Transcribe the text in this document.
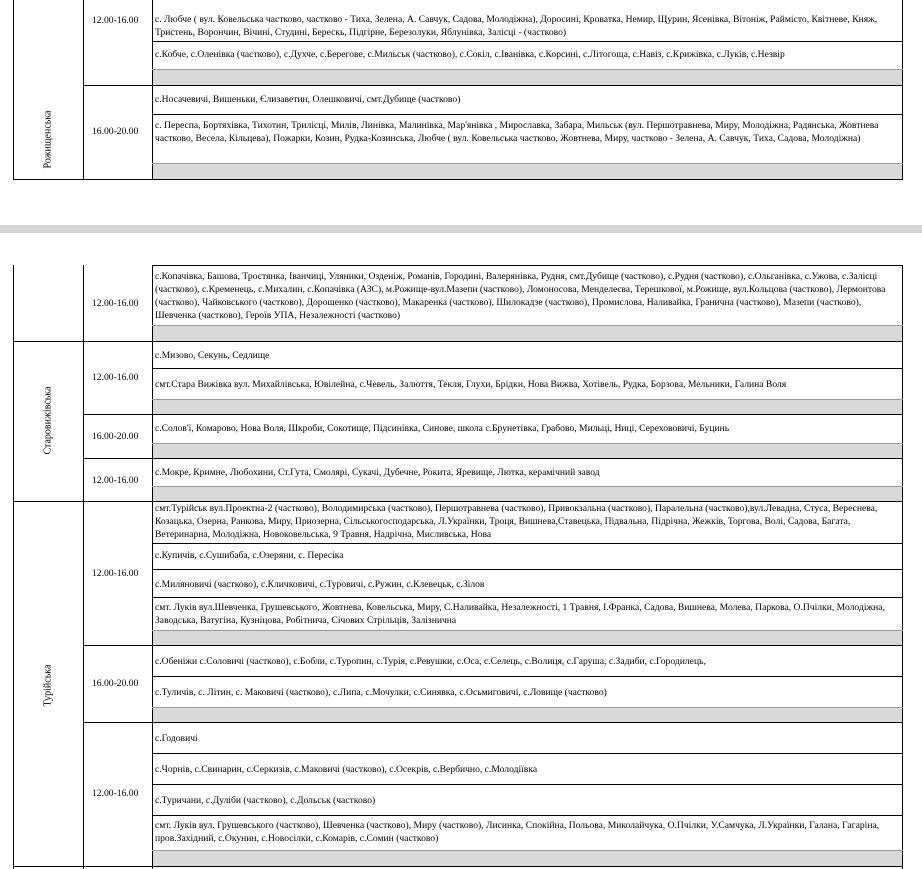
Рожищенська
12.00-16.00
16.00-20.00
с. Любче ( вул. Ковельська частково, частково - Тиха, Зелена, А. Савчук, Садова, Молодіжна), Доросині, Кроватка, Немир, Щурин, Ясенівка, Вітоніж, Раймісто, Квітневе, Княж, Тристень, Ворончин, Вічині, Студині, Берескь, Підгірне, Березолуки, Яблунівка, Залісці - (частково)
с.Кобче, с.Оленівка (частково), с.Духче, с.Берегове, с.Мильськ (частково), с.Сокіл, с.Іванівка, с.Корсині, с.Літогоща, с.Навіз, с.Крижівка, с.Луків, с.Незвір
с.Носачевичі, Вишеньки, Єлизаветин, Олешковичі, смт.Дубище (частково)
с. Переспа, Бортяхівка, Тихотин, Трилісці, Милів, Линівка, Малинівка, Мар'янівка , Мирославка, Забара, Мильськ (вул. Першотравнева, Миру, Молодіжна, Радянська, Жовтнева частково, Весела, Кільцева), Пожарки, Козин, Рудка-Козинська, Любче ( вул. Ковельська частково, Жовтнева, Миру, частково - Зелена, А. Савчук, Тиха, Садова, Молодіжна)
12.00-16.00
с.Копачівка, Башова, Тростянка, Іванчиці, Уляники, Озденіж, Романів, Городині, Валерянівка, Рудня, смт.Дубище (частково), с.Рудня (частково), с.Ольганівка, с.Ужова, с.Залісці (частково), с.Кременець, с.Михалин, с.Копачівка (АЗС), м.Рожище-вул.Мазепи (частково), Ломоносова, Менделеєва, Терешкової, м.Рожище, вул.Кольцова (частково), Лермонтова (частково), Чайковського (частково), Дорошенко (частково), Макаренка (частково), Шилокадзе (частково), Промислова, Наливайка, Гранична (частково), Мазепи (частково), Шевченка (частково), Героїв УПА, Незалежності (частково)
Старовижівська
12.00-16.00
с.Мизово, Секунь, Седлище
смт.Стара Вижівка вул. Михайлівська, Ювілейна, с.Чевель, Залюття, Текля, Глухи, Брідки, Нова Вижва, Хотівель, Рудка, Борзова, Мельники, Галина Воля
16.00-20.00
с.Солов'ї, Комарово, Нова Воля, Шкроби, Сокотище, Підсинівка, Синове, школа с.Брунетівка, Грабово, Мильці, Ниці, Серехововичі, Буцинь
12.00-16.00
с.Мокре, Кримне, Любохини, Ст.Гута, Смолярі, Сукачі, Дубечне, Рокита, Яревище, Лютка, керамічний завод
Турійська
12.00-16.00
смт.Турійськ вул.Проектна-2 (частково), Володимирська (частково), Першотравнева (частково), Привокзальна (частково), Паралельна (частково),вул.Левадна, Стуса, Вереснева, Козацька, Озерна, Ранкова, Миру, Приозерна, Сільськогосподарська, Л.Українки, Троця, Вишнева,Ставецька, Підвальна, Підрічна, Жежків, Торгова, Волі, Садова, Багата, Ветеринарна, Молодіжна, Новоковельська, 9 Травня, Надрічна, Мисливська, Нова
с.Купичів, с.Сушибаба, с.Озеряни, с. Пересіка
с.Миляновичі (частково), с.Кличковичі, с.Туровичі, с.Ружин, с.Клевецьк, с.Зілов
смт. Луків вул.Шевченка, Грушевського, Жовтнева, Ковельська, Миру, С.Наливайка, Незалежності, 1 Травня, І.Франка, Садова, Вишнева, Молева, Паркова, О.Пчілки, Молодіжна, Заводська, Ватугіна, Кузніцова, Робітнича, Січових Стрільців, Залізнична
16.00-20.00
с.Обеніжи с.Соловичі (частково), с.Бобли, с.Туропин, с.Турія, с.Ревушки, с.Оса, с.Селець, с.Волиця, с.Гаруша, с.Задиби, с.Городилець,
с.Туличів, с. Літин, с. Маковичі (частково), с.Липа, с.Мочулки, с.Синявка, с.Осьмиговичі, с.Ловище (частково)
12.00-16.00
с.Годовичі
с.Чорнів, с.Свинарин, с.Серкизів, с.Маковичі (частково), с.Осекрів, с.Вербично, с.Молодіївка
с.Туричани, с.Дуліби (частково), с.Дольськ (частково)
смт. Луків вул. Грушевського (частково), Шевченка (частково), Миру (частково), Лисинка, Спокійна, Польова, Миколайчука, О.Пчілки, У.Самчука, Л.Українки, Галана, Гагаріна, пров.Західний, с.Окунин, с.Новосілки, с.Комарів, с.Сомин (частково)
